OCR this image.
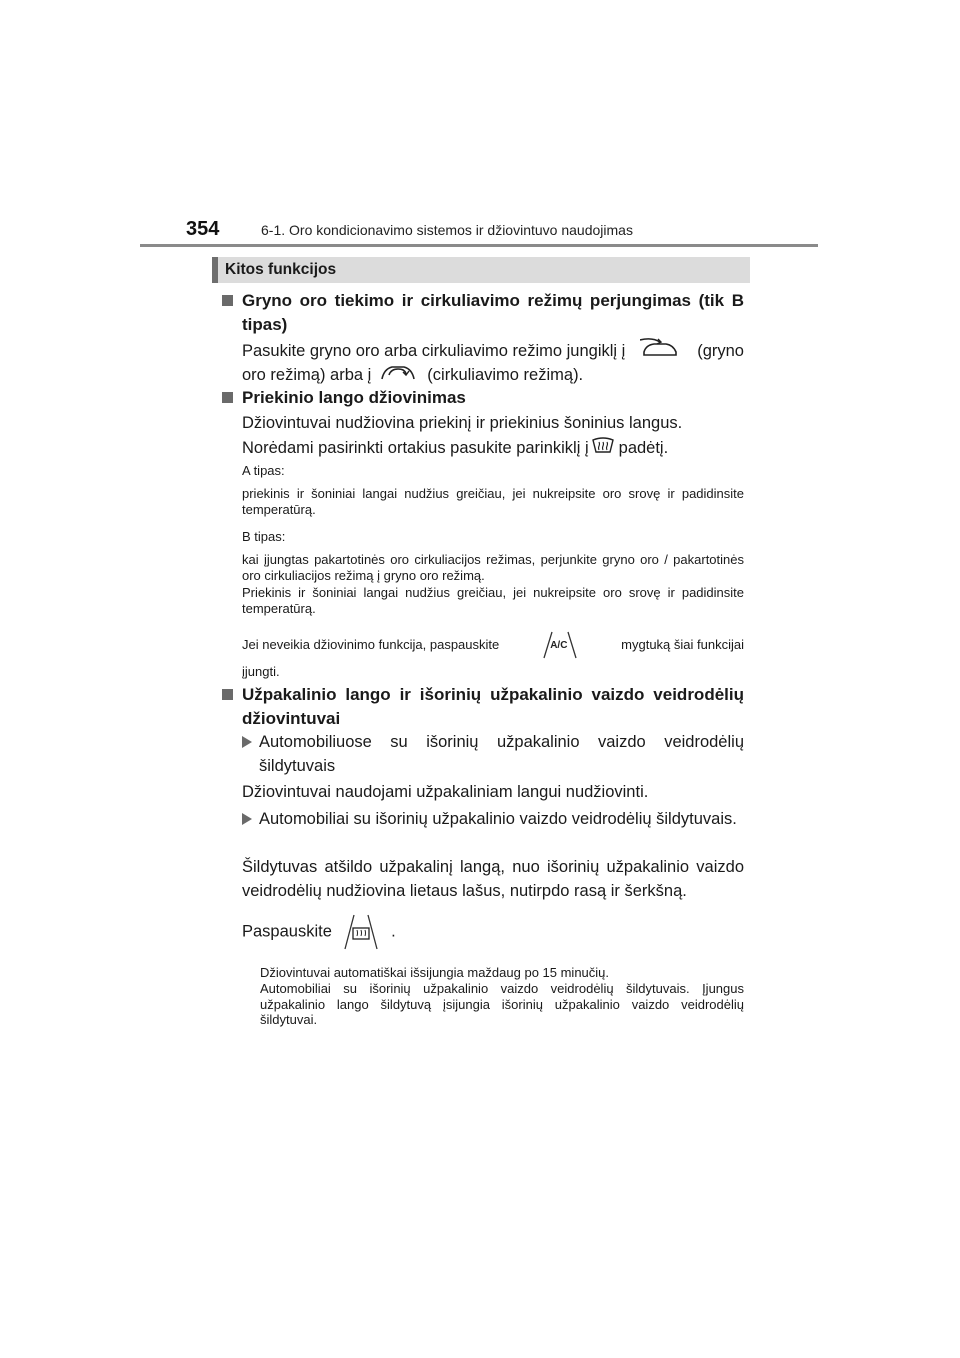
354	6-1. Oro kondicionavimo sistemos ir džiovintuvo naudojimas
Kitos funkcijos
Gryno oro tiekimo ir cirkuliavimo režimų perjungimas (tik B tipas)
Pasukite gryno oro arba cirkuliavimo režimo jungiklį į	(gryno
oro režimą) arba į	(cirkuliavimo režimą).
Priekinio lango džiovinimas
Džiovintuvai nudžiovina priekinį ir priekinius šoninius langus.
Norėdami pasirinkti ortakius pasukite parinkiklį į padėtį.
A tipas:
priekinis ir šoniniai langai nudžius greičiau, jei nukreipsite oro srovę ir padidinsite temperatūrą.
B tipas:
kai įjungtas pakartotinės oro cirkuliacijos režimas, perjunkite gryno oro / pakartotinės oro cirkuliacijos režimą į gryno oro režimą.
Priekinis ir šoniniai langai nudžius greičiau, jei nukreipsite oro srovę ir padidinsite temperatūrą.
Jei neveikia džiovinimo funkcija, paspauskite	A/C	mygtuką šiai funkcijai
įjungti.
Užpakalinio lango ir išorinių užpakalinio vaizdo veidrodėlių džiovintuvai
Automobiliuose su išorinių užpakalinio vaizdo veidrodėlių šildytuvais
Džiovintuvai naudojami užpakaliniam langui nudžiovinti.
Automobiliai su išorinių užpakalinio vaizdo veidrodėlių šildytuvais.
Šildytuvas atšildo užpakalinį langą, nuo išorinių užpakalinio vaizdo veidrodėlių nudžiovina lietaus lašus, nutirpdo rasą ir šerkšną.
Paspauskite	.
Džiovintuvai automatiškai išsijungia maždaug po 15 minučių.
Automobiliai su išorinių užpakalinio vaizdo veidrodėlių šildytuvais. Įjungus užpakalinio lango šildytuvą įsijungia išorinių užpakalinio vaizdo veidrodėlių šildytuvai.
